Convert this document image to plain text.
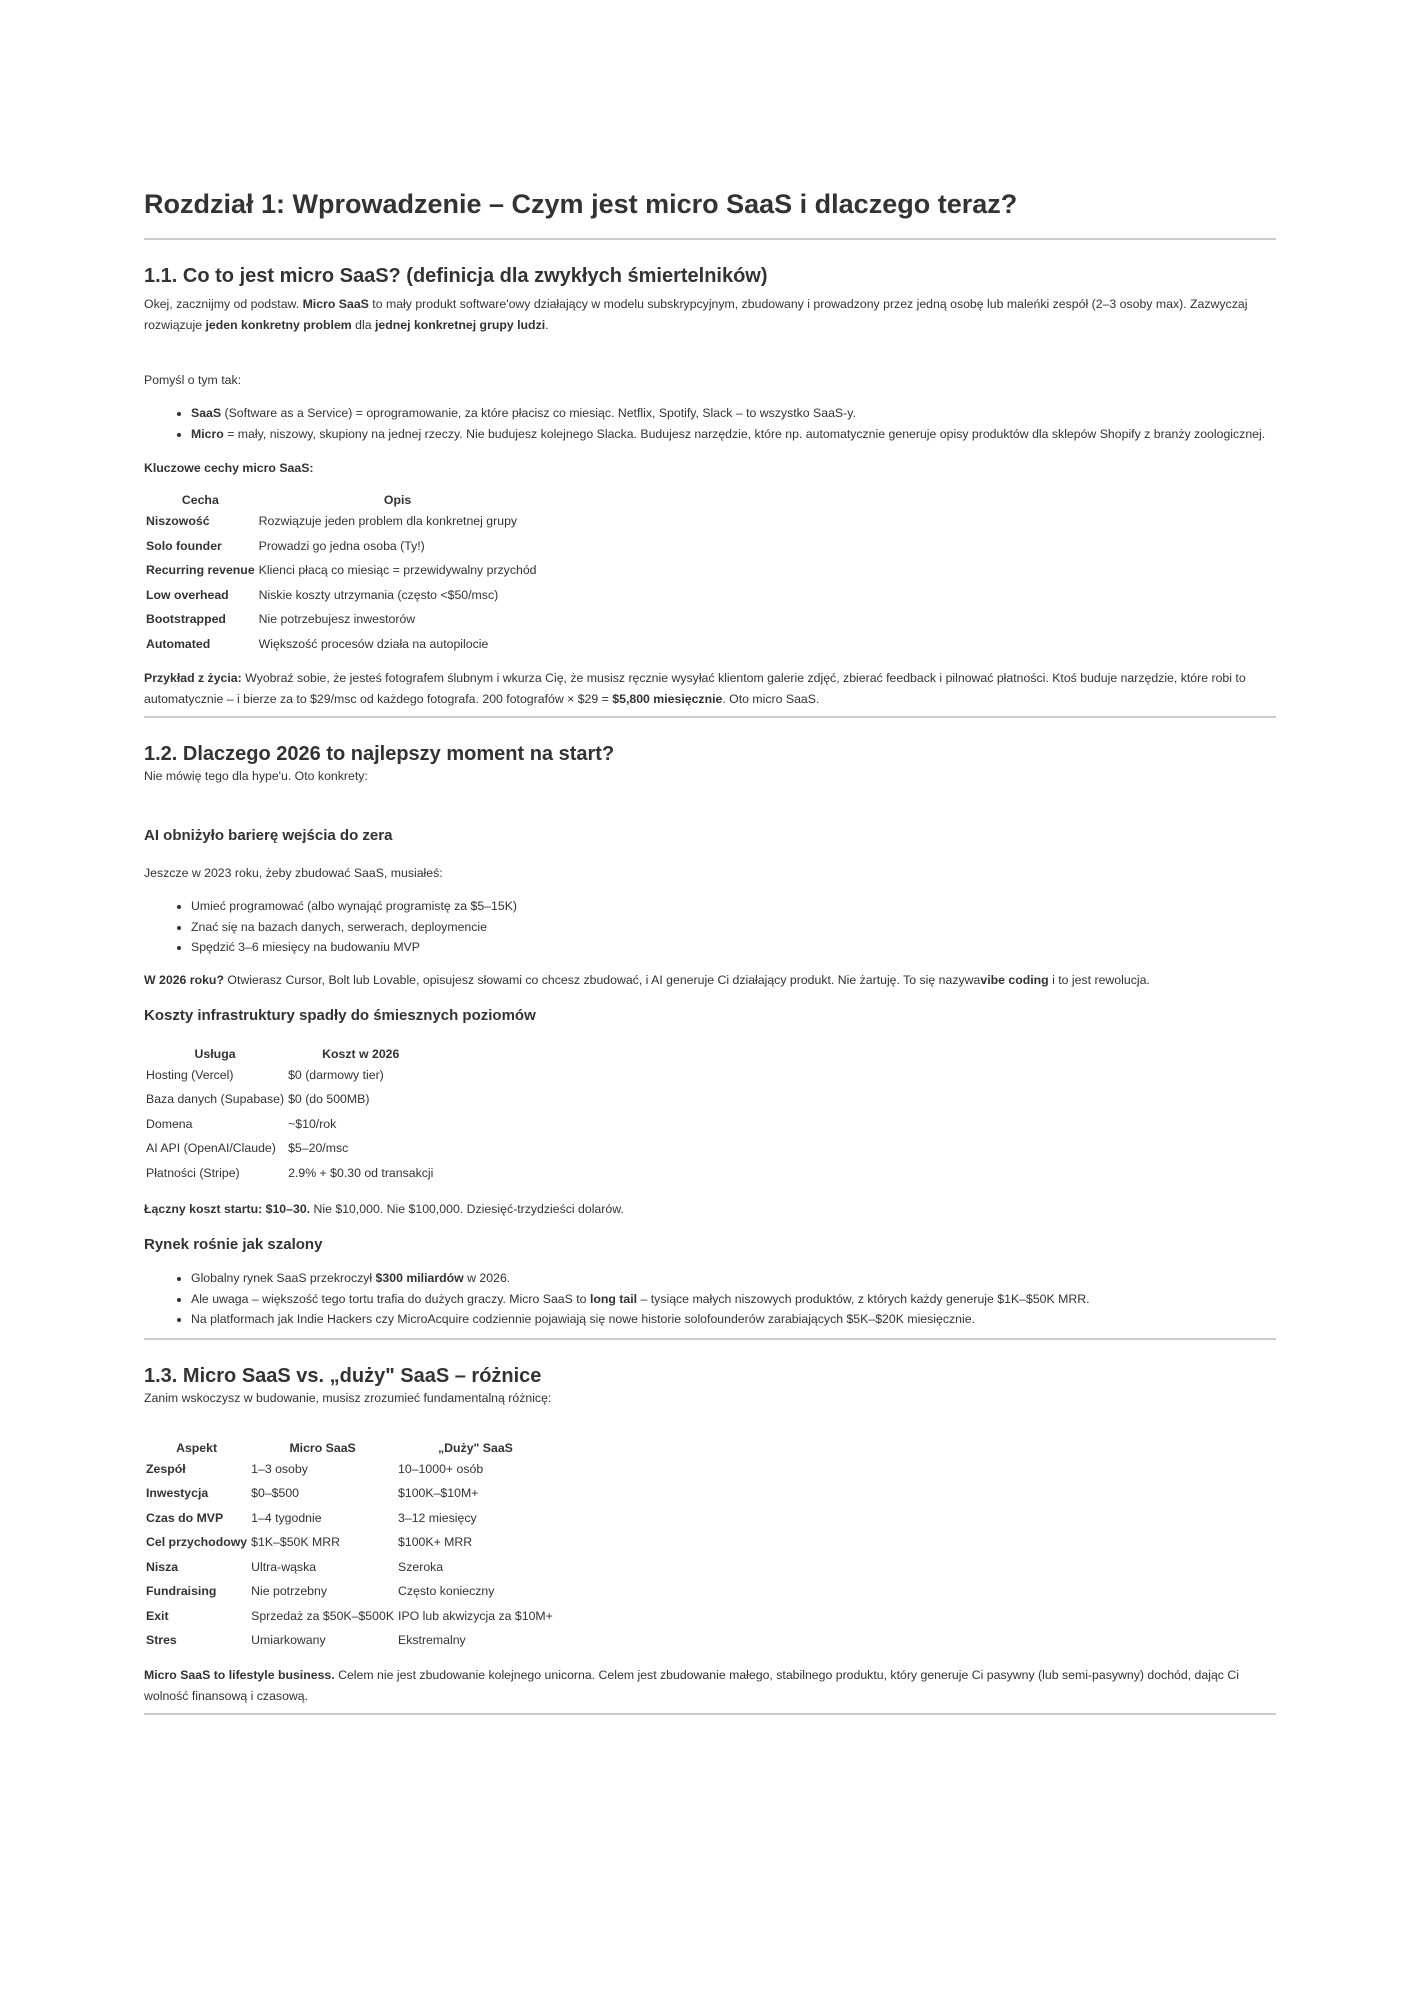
Rozdział 1: Wprowadzenie – Czym jest micro SaaS i dlaczego teraz?
1.1. Co to jest micro SaaS? (definicja dla zwykłych śmiertelników)

Okej, zacznijmy od podstaw. Micro SaaS to mały produkt software'owy działający w modelu subskrypcyjnym, zbudowany i prowadzony przez jedną osobę lub maleńki zespół (2–3 osoby max). Zazwyczaj rozwiązuje jeden konkretny problem dla jednej konkretnej grupy ludzi.

Pomyśl o tym tak:

• SaaS (Software as a Service) = oprogramowanie, za które płacisz co miesiąc. Netflix, Spotify, Slack – to wszystko SaaS-y.
• Micro = mały, niszowy, skupiony na jednej rzeczy. Nie budujesz kolejnego Slacka. Budujesz narzędzie, które np. automatycznie generuje opisy produktów dla sklepów Shopify z branży zoologicznej.

Kluczowe cechy micro SaaS:

Cecha	Opis
Niszowość	Rozwiązuje jeden problem dla konkretnej grupy
Solo founder	Prowadzi go jedna osoba (Ty!)
Recurring revenue	Klienci płacą co miesiąc = przewidywalny przychód
Low overhead	Niskie koszty utrzymania (często <$50/msc)
Bootstrapped	Nie potrzebujesz inwestorów
Automated	Większość procesów działa na autopilocie

Przykład z życia: Wyobraź sobie, że jesteś fotografem ślubnym i wkurza Cię, że musisz ręcznie wysyłać klientom galerie zdjęć, zbierać feedback i pilnować płatności. Ktoś buduje narzędzie, które robi to automatycznie – i bierze za to $29/msc od każdego fotografa. 200 fotografów × $29 = $5,800 miesięcznie. Oto micro SaaS.

1.2. Dlaczego 2026 to najlepszy moment na start?

Nie mówię tego dla hype'u. Oto konkrety:

AI obniżyło barierę wejścia do zera

Jeszcze w 2023 roku, żeby zbudować SaaS, musiałeś:

• Umieć programować (albo wynająć programistę za $5–15K)
• Znać się na bazach danych, serwerach, deploymencie
• Spędzić 3–6 miesięcy na budowaniu MVP

W 2026 roku? Otwierasz Cursor, Bolt lub Lovable, opisujesz słowami co chcesz zbudować, i AI generuje Ci działający produkt. Nie żartuję. To się nazywavibe coding i to jest rewolucja.

Koszty infrastruktury spadły do śmiesznych poziomów
Usługa	Koszt w 2026
Hosting (Vercel)	$0 (darmowy tier)
Baza danych (Supabase)	$0 (do 500MB)
Domena	~$10/rok
AI API (OpenAI/Claude)	$5–20/msc
Płatności (Stripe)	2.9% + $0.30 od transakcji

Łączny koszt startu: $10–30. Nie $10,000. Nie $100,000. Dziesięć-trzydzieści dolarów.

Rynek rośnie jak szalony
• Globalny rynek SaaS przekroczył $300 miliardów w 2026.
• Ale uwaga – większość tego tortu trafia do dużych graczy. Micro SaaS to long tail – tysiące małych niszowych produktów, z których każdy generuje $1K–$50K MRR.
• Na platformach jak Indie Hackers czy MicroAcquire codziennie pojawiają się nowe historie solofounderów zarabiających $5K–$20K miesięcznie.
1.3. Micro SaaS vs. „duży" SaaS – różnice

Zanim wskoczysz w budowanie, musisz zrozumieć fundamentalną różnicę:

Aspekt	Micro SaaS	„Duży" SaaS
Zespół	1–3 osoby	10–1000+ osób
Inwestycja	$0–$500	$100K–$10M+
Czas do MVP	1–4 tygodnie	3–12 miesięcy
Cel przychodowy	$1K–$50K MRR	$100K+ MRR
Nisza	Ultra-wąska	Szeroka
Fundraising	Nie potrzebny	Często konieczny
Exit	Sprzedaż za $50K–$500K	IPO lub akwizycja za $10M+
Stres	Umiarkowany	Ekstremalny

Micro SaaS to lifestyle business. Celem nie jest zbudowanie kolejnego unicorna. Celem jest zbudowanie małego, stabilnego produktu, który generuje Ci pasywny (lub semi-pasywny) dochód, dając Ci wolność finansową i czasową.
